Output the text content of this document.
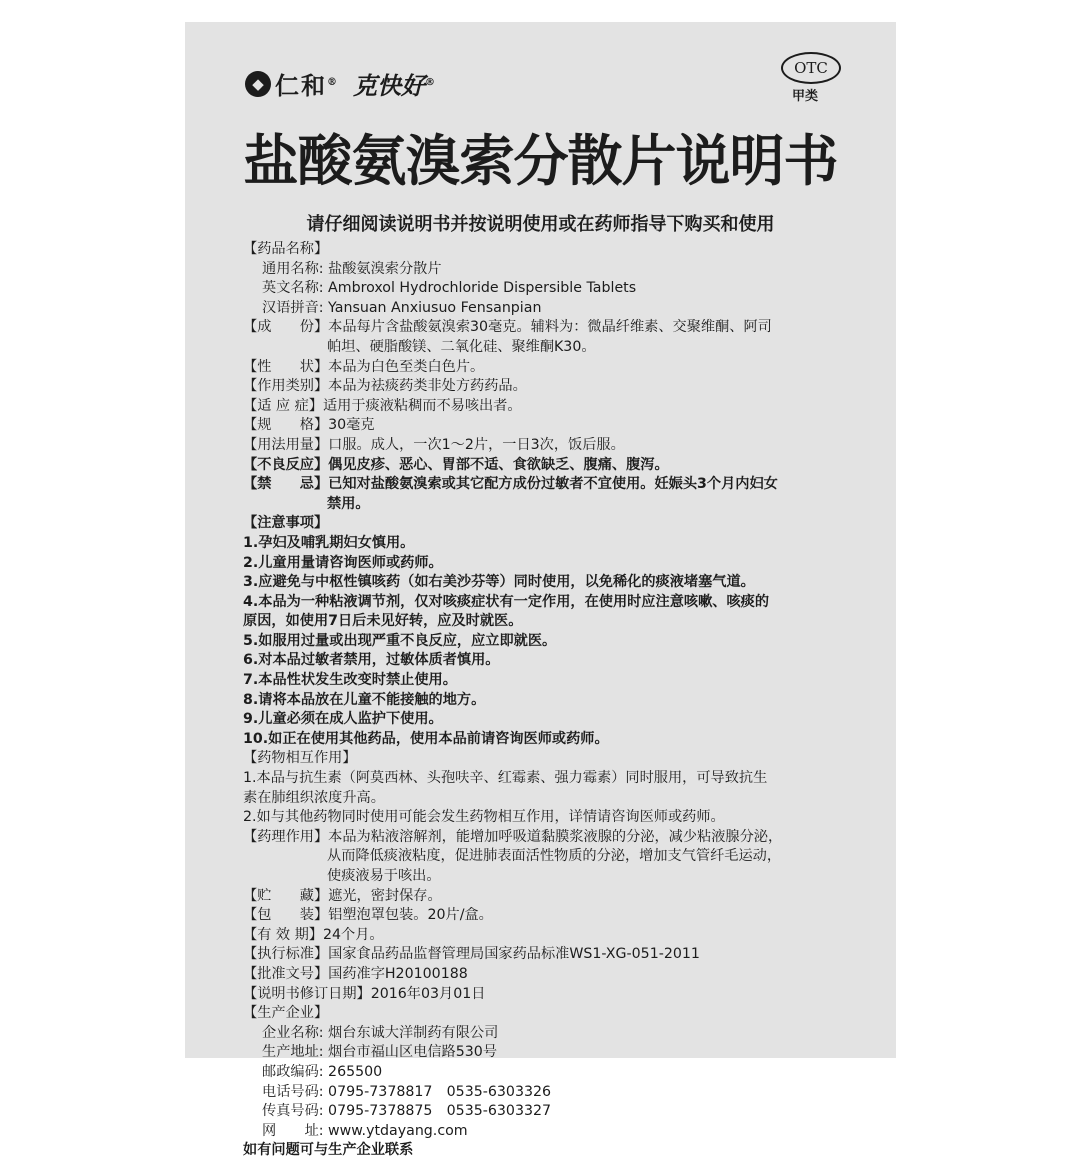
◆ 仁和® 克快好®
OTC
甲类
盐酸氨溴索分散片说明书
请仔细阅读说明书并按说明使用或在药师指导下购买和使用

【药品名称】

通用名称: 盐酸氨溴索分散片

英文名称: Ambroxol Hydrochloride Dispersible Tablets

汉语拼音: Yansuan Anxiusuo Fensanpian

【成　　份】本品每片含盐酸氨溴索30毫克。辅料为：微晶纤维素、交聚维酮、阿司

帕坦、硬脂酸镁、二氧化硅、聚维酮K30。

【性　　状】本品为白色至类白色片。

【作用类别】本品为祛痰药类非处方药药品。

【适 应 症】适用于痰液粘稠而不易咳出者。

【规　　格】30毫克

【用法用量】口服。成人，一次1～2片，一日3次，饭后服。

【不良反应】偶见皮疹、恶心、胃部不适、食欲缺乏、腹痛、腹泻。

【禁　　忌】已知对盐酸氨溴索或其它配方成份过敏者不宜使用。妊娠头3个月内妇女

禁用。

【注意事项】

1.孕妇及哺乳期妇女慎用。

2.儿童用量请咨询医师或药师。

3.应避免与中枢性镇咳药（如右美沙芬等）同时使用，以免稀化的痰液堵塞气道。

4.本品为一种粘液调节剂，仅对咳痰症状有一定作用，在使用时应注意咳嗽、咳痰的

原因，如使用7日后未见好转，应及时就医。

5.如服用过量或出现严重不良反应，应立即就医。

6.对本品过敏者禁用，过敏体质者慎用。

7.本品性状发生改变时禁止使用。

8.请将本品放在儿童不能接触的地方。

9.儿童必须在成人监护下使用。

10.如正在使用其他药品，使用本品前请咨询医师或药师。

【药物相互作用】

1.本品与抗生素（阿莫西林、头孢呋辛、红霉素、强力霉素）同时服用，可导致抗生

素在肺组织浓度升高。

2.如与其他药物同时使用可能会发生药物相互作用，详情请咨询医师或药师。

【药理作用】本品为粘液溶解剂，能增加呼吸道黏膜浆液腺的分泌，减少粘液腺分泌，

从而降低痰液粘度，促进肺表面活性物质的分泌，增加支气管纤毛运动，

使痰液易于咳出。

【贮　　藏】遮光，密封保存。

【包　　装】铝塑泡罩包装。20片/盒。

【有 效 期】24个月。

【执行标准】国家食品药品监督管理局国家药品标准WS1-XG-051-2011

【批准文号】国药准字H20100188

【说明书修订日期】2016年03月01日

【生产企业】

企业名称: 烟台东诚大洋制药有限公司

生产地址: 烟台市福山区电信路530号

邮政编码: 265500

电话号码: 0795-7378817　0535-6303326

传真号码: 0795-7378875　0535-6303327

网　　址: www.ytdayang.com

如有问题可与生产企业联系
